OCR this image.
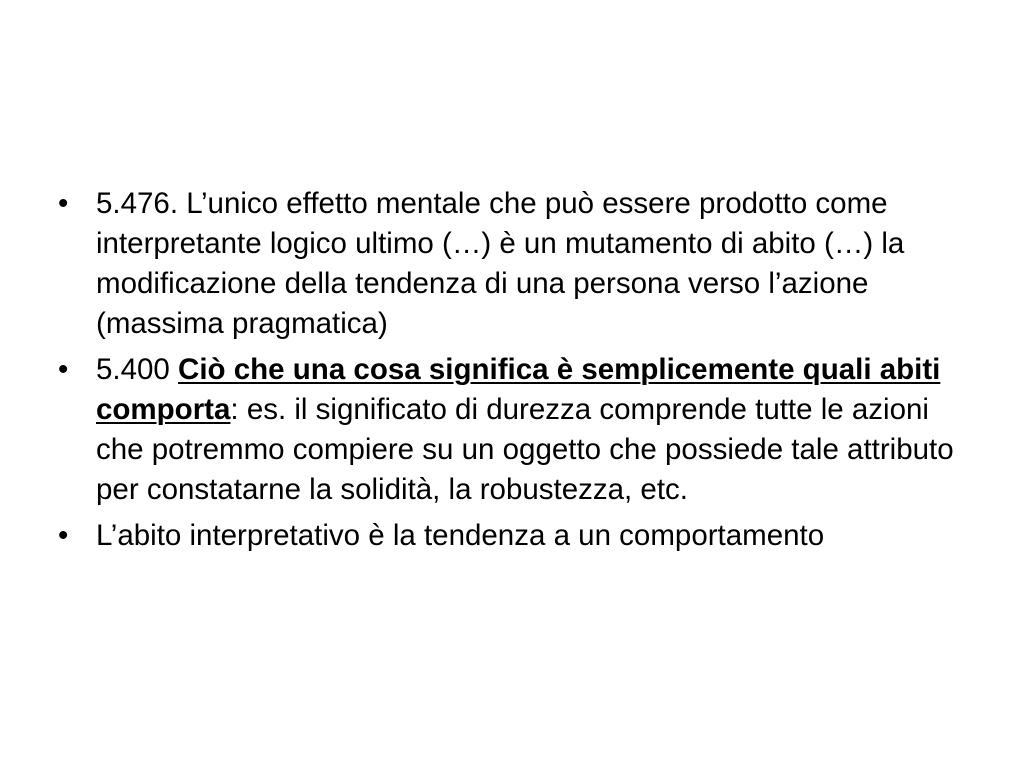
• 5.476. L’unico effetto mentale che può essere prodotto come interpretante logico ultimo (…) è un mutamento di abito (…) la modificazione della tendenza di una persona verso l’azione (massima pragmatica)
• 5.400 Ciò che una cosa significa è semplicemente quali abiti comporta: es. il significato di durezza comprende tutte le azioni che potremmo compiere su un oggetto che possiede tale attributo per constatarne la solidità, la robustezza, etc.
• L’abito interpretativo è la tendenza a un comportamento
